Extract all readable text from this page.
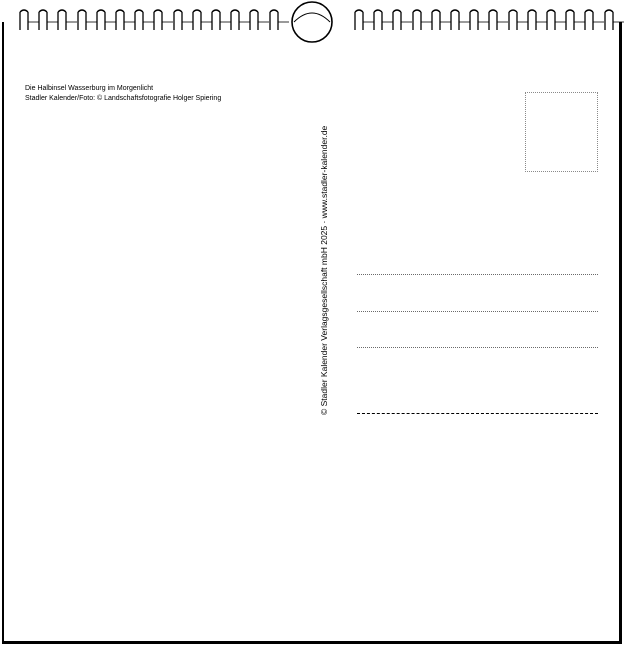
Die Halbinsel Wasserburg im Morgenlicht
Stadler Kalender/Foto: © Landschaftsfotografie Holger Spiering
© Stadler Kalender Verlagsgesellschaft mbH 2025 · www.stadler-kalender.de
